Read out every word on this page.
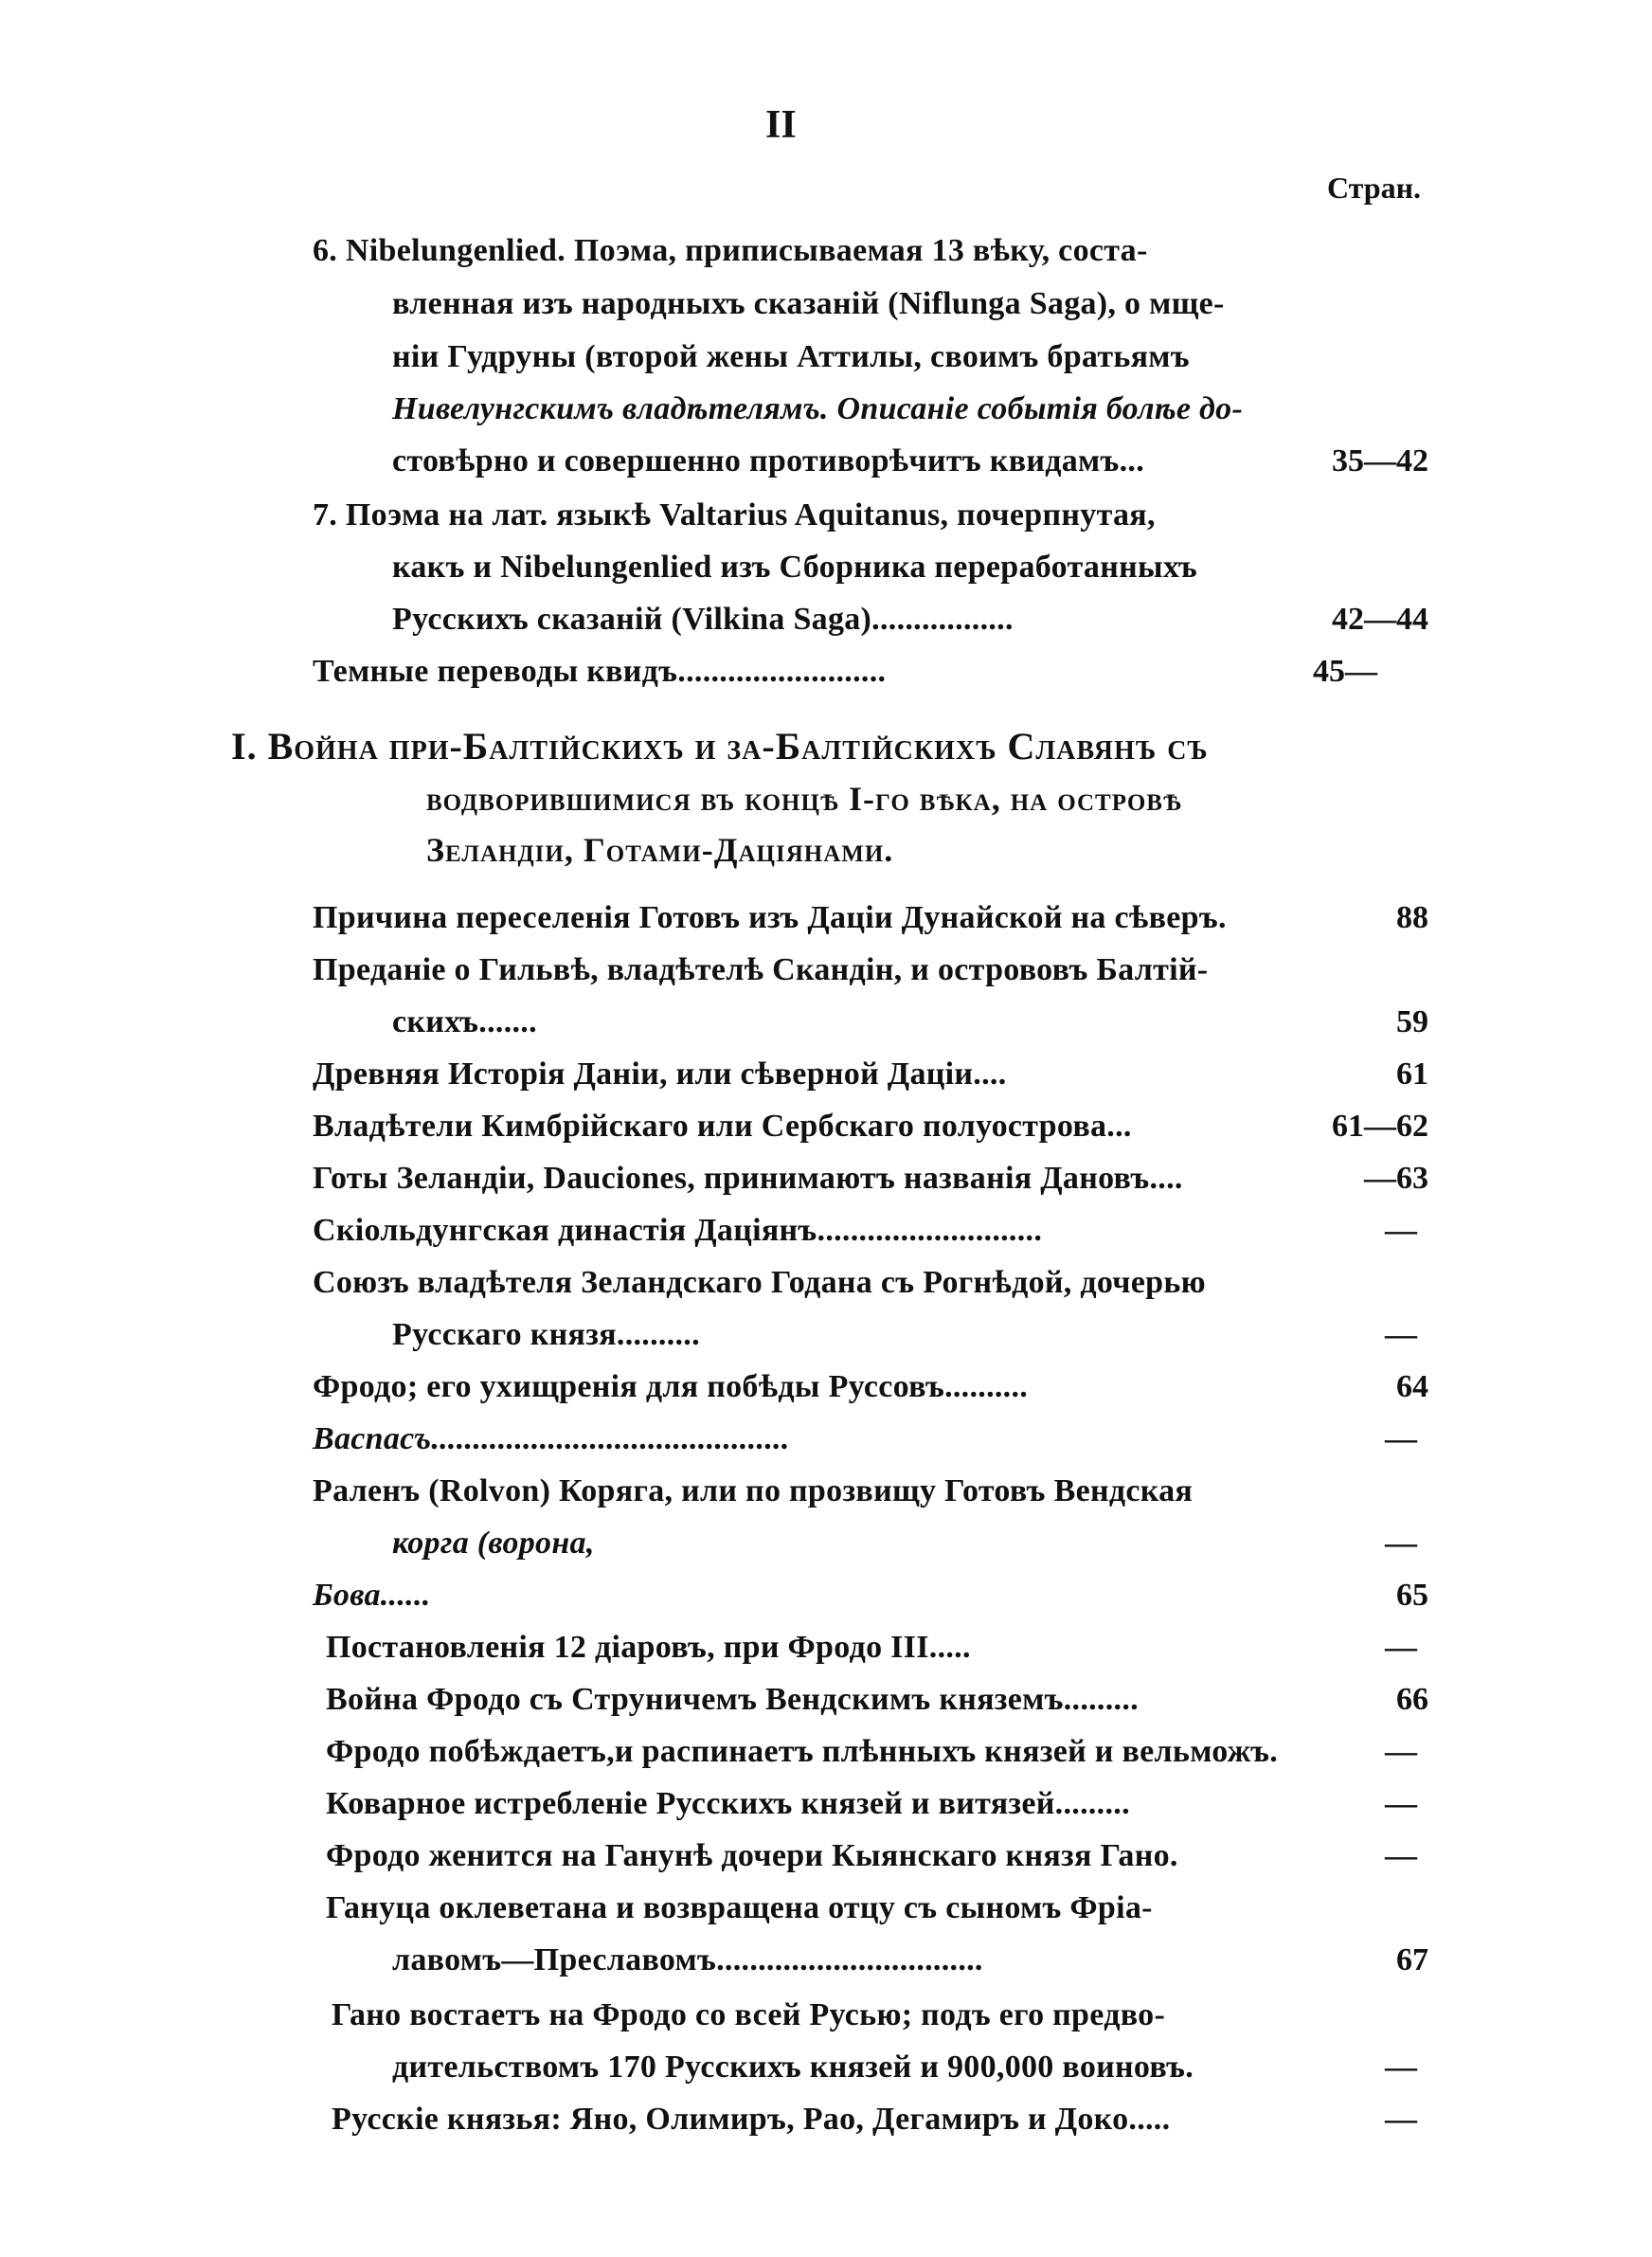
II
Стран.
6. Nibelungenlied. Поэма, приписываемая 13 вѣку, соста-
вленная изъ народныхъ сказаній (Niflunga Saga), о мще-
ніи Гудруны (второй жены Аттилы, своимъ братьямъ
Нивелунгскимъ владѣтелямъ. Описаніе событія болѣе до-
стовѣрно и совершенно противорѣчитъ квидамъ...	35—42
7. Поэма на лат. языкѣ Valtarius Aquitanus, почерпнутая,
какъ и Nibelungenlied изъ Сборника переработанныхъ
Русскихъ сказаній (Vilkina Saga).................	42—44
Темные переводы квидъ.........................	45—
I. Война при-Балтійскихъ и за-Балтійскихъ Славянъ съ
водворившимися въ концѣ I-го вѣка, на островѣ
Зеландіи, Готами-Даціянами.
Причина переселенія Готовъ изъ Даціи Дунайской на сѣверъ.	88
Преданіе о Гильвѣ, владѣтелѣ Скандін, и острововъ Балтій-
скихъ.......	59
Древняя Исторія Даніи, или сѣверной Даціи....	61
Владѣтели Кимбрійскаго или Сербскаго полуострова...	61—62
Готы Зеландіи, Dauciones, принимаютъ названія Дановъ....	—63
Скіольдунгская династія Даціянъ...........................	—
Союзъ владѣтеля Зеландскаго Годана съ Рогнѣдой, дочерью
Русскаго князя..........	—
Фродо; его ухищренія для побѣды Руссовъ..........	64
Васпасъ...........................................	—
Раленъ (Rolvon) Коряга, или по прозвищу Готовъ Вендская
корга (ворона,	—
Бова......	65
Постановленія 12 діаровъ, при Фродо III.....	—
Война Фродо съ Струничемъ Вендскимъ княземъ.........	66
Фродо побѣждаетъ,и распинаетъ плѣнныхъ князей и вельможъ.	—
Коварное истребленіе Русскихъ князей и витязей.........	—
Фродо женится на Ганунѣ дочери Кыянскаго князя Гано.	—
Гануца оклеветана и возвращена отцу съ сыномъ Фріа-
лавомъ—Преславомъ................................	67
Гано востаетъ на Фродо со всей Русью; подъ его предво-
дительствомъ 170 Русскихъ князей и 900,000 воиновъ.	—
Русскіе князья: Яно, Олимиръ, Рао, Дегамиръ и Доко.....	—
